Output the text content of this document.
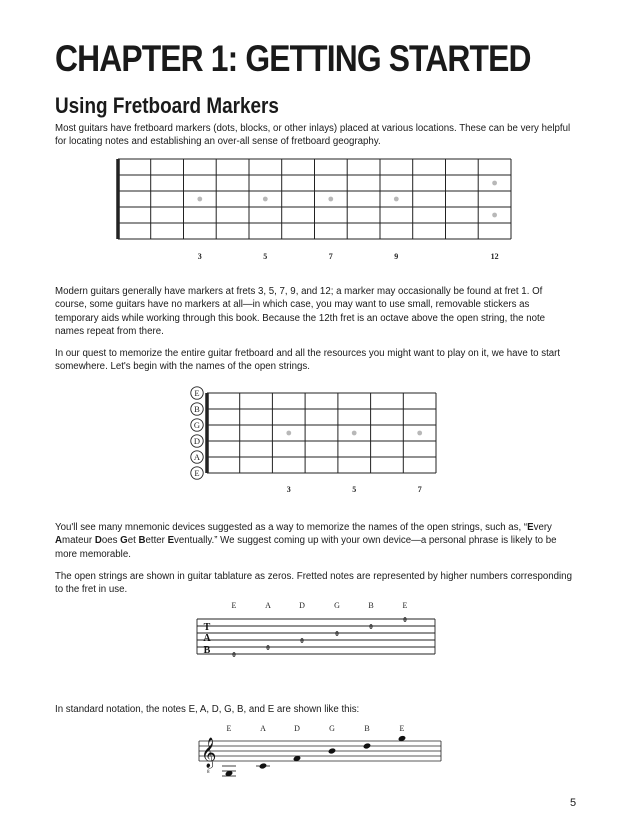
CHAPTER 1: GETTING STARTED
Using Fretboard Markers
Most guitars have fretboard markers (dots, blocks, or other inlays) placed at various locations. These can be very helpful for locating notes and establishing an over-all sense of fretboard geography.
3	5	7	9	12
Modern guitars generally have markers at frets 3, 5, 7, 9, and 12; a marker may occasionally be found at fret 1. Of course, some guitars have no markers at all—in which case, you may want to use small, removable stickers as temporary aids while working through this book. Because the 12th fret is an octave above the open string, the note names repeat from there.
In our quest to memorize the entire guitar fretboard and all the resources you might want to play on it, we have to start somewhere. Let's begin with the names of the open strings.
E
B
G
D
A
E
3	5	7
You'll see many mnemonic devices suggested as a way to memorize the names of the open strings, such as, “Every Amateur Does Get Better Eventually.” We suggest coming up with your own device—a personal phrase is likely to be more memorable.
The open strings are shown in guitar tablature as zeros. Fretted notes are represented by higher numbers corresponding to the fret in use.
E	A	D	G	B	E
T
A
B	0
0
0
0
0
0
In standard notation, the notes E, A, D, G, B, and E are shown like this:
E	A	D	G	B	E
𝄞
8
5
